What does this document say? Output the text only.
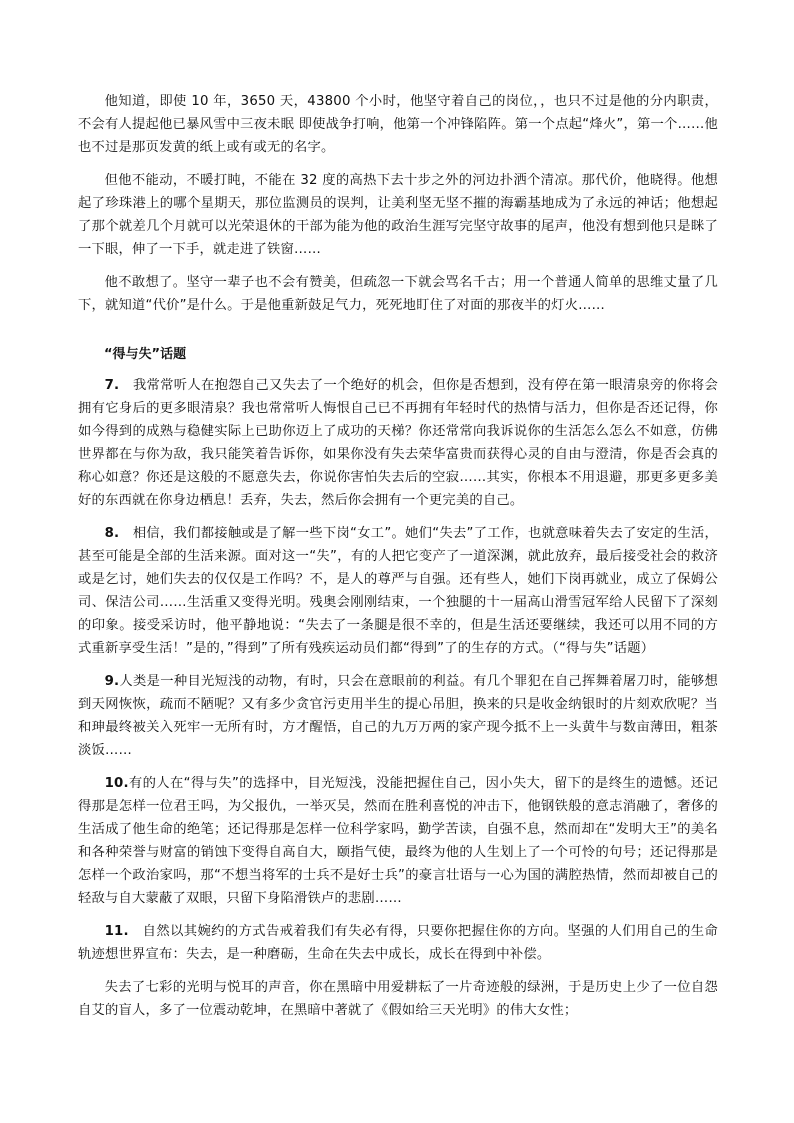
他知道，即使 10 年，3650 天，43800 个小时，他坚守着自己的岗位，，也只不过是他的分内职责，不会有人提起他已暴风雪中三夜未眠 即使战争打响，他第一个冲锋陷阵。第一个点起“烽火”，第一个……他也不过是那页发黄的纸上或有或无的名字。

但他不能动，不暖打盹，不能在 32 度的高热下去十步之外的河边扑洒个清凉。那代价，他晓得。他想起了珍珠港上的哪个星期天，那位监测员的误判，让美利坚无坚不摧的海霸基地成为了永远的神话；他想起了那个就差几个月就可以光荣退休的干部为能为他的政治生涯写完坚守故事的尾声，他没有想到他只是眯了一下眼，伸了一下手，就走进了铁窗……

他不敢想了。坚守一辈子也不会有赞美，但疏忽一下就会骂名千古；用一个普通人简单的思维丈量了几下，就知道“代价”是什么。于是他重新鼓足气力，死死地盯住了对面的那夜半的灯火……

“得与失”话题

7. 我常常听人在抱怨自己又失去了一个绝好的机会，但你是否想到，没有停在第一眼清泉旁的你将会拥有它身后的更多眼清泉？我也常常听人悔恨自己已不再拥有年轻时代的热情与活力，但你是否还记得，你如今得到的成熟与稳健实际上已助你迈上了成功的天梯？你还常常向我诉说你的生活怎么怎么不如意，仿佛世界都在与你为敌，我只能笑着告诉你，如果你没有失去荣华富贵而获得心灵的自由与澄清，你是否会真的称心如意？你还是这般的不愿意失去，你说你害怕失去后的空寂……其实，你根本不用退避，那更多更多美好的东西就在你身边栖息！丢弃，失去，然后你会拥有一个更完美的自己。

8. 相信，我们都接触或是了解一些下岗“女工”。她们“失去”了工作，也就意味着失去了安定的生活，甚至可能是全部的生活来源。面对这一“失”，有的人把它变产了一道深渊，就此放弃，最后接受社会的救济或是乞讨，她们失去的仅仅是工作吗？不，是人的尊严与自强。还有些人，她们下岗再就业，成立了保姆公司、保洁公司……生活重又变得光明。残奥会刚刚结束，一个独腿的十一届高山滑雪冠军给人民留下了深刻的印象。接受采访时，他平静地说：“失去了一条腿是很不幸的，但是生活还要继续，我还可以用不同的方式重新享受生活！”是的，”得到”了所有残疾运动员们都“得到”了的生存的方式。（“得与失”话题）

9.人类是一种目光短浅的动物，有时，只会在意眼前的利益。有几个罪犯在自己挥舞着屠刀时，能够想到天网恢恢，疏而不陋呢？又有多少贪官污吏用半生的提心吊胆，换来的只是收金纳银时的片刻欢欣呢？当和珅最终被关入死牢一无所有时，方才醒悟，自己的九万万两的家产现今抵不上一头黄牛与数亩薄田，粗茶淡饭……

10.有的人在“得与失”的选择中，目光短浅，没能把握住自己，因小失大，留下的是终生的遗憾。还记得那是怎样一位君王吗，为父报仇，一举灭吴，然而在胜利喜悦的冲击下，他钢铁般的意志消融了，奢侈的生活成了他生命的绝笔；还记得那是怎样一位科学家吗，勤学苦读，自强不息，然而却在“发明大王”的美名和各种荣誉与财富的销蚀下变得自高自大，颐指气使，最终为他的人生划上了一个可怜的句号；还记得那是怎样一个政治家吗，那“不想当将军的士兵不是好士兵”的豪言壮语与一心为国的满腔热情，然而却被自己的轻敌与自大蒙蔽了双眼，只留下身陷滑铁卢的悲剧……

11. 自然以其婉约的方式告戒着我们有失必有得，只要你把握住你的方向。坚强的人们用自己的生命轨迹想世界宣布：失去，是一种磨砺，生命在失去中成长，成长在得到中补偿。

失去了七彩的光明与悦耳的声音，你在黑暗中用爱耕耘了一片奇迹般的绿洲，于是历史上少了一位自怨自艾的盲人，多了一位震动乾坤，在黑暗中著就了《假如给三天光明》的伟大女性；
